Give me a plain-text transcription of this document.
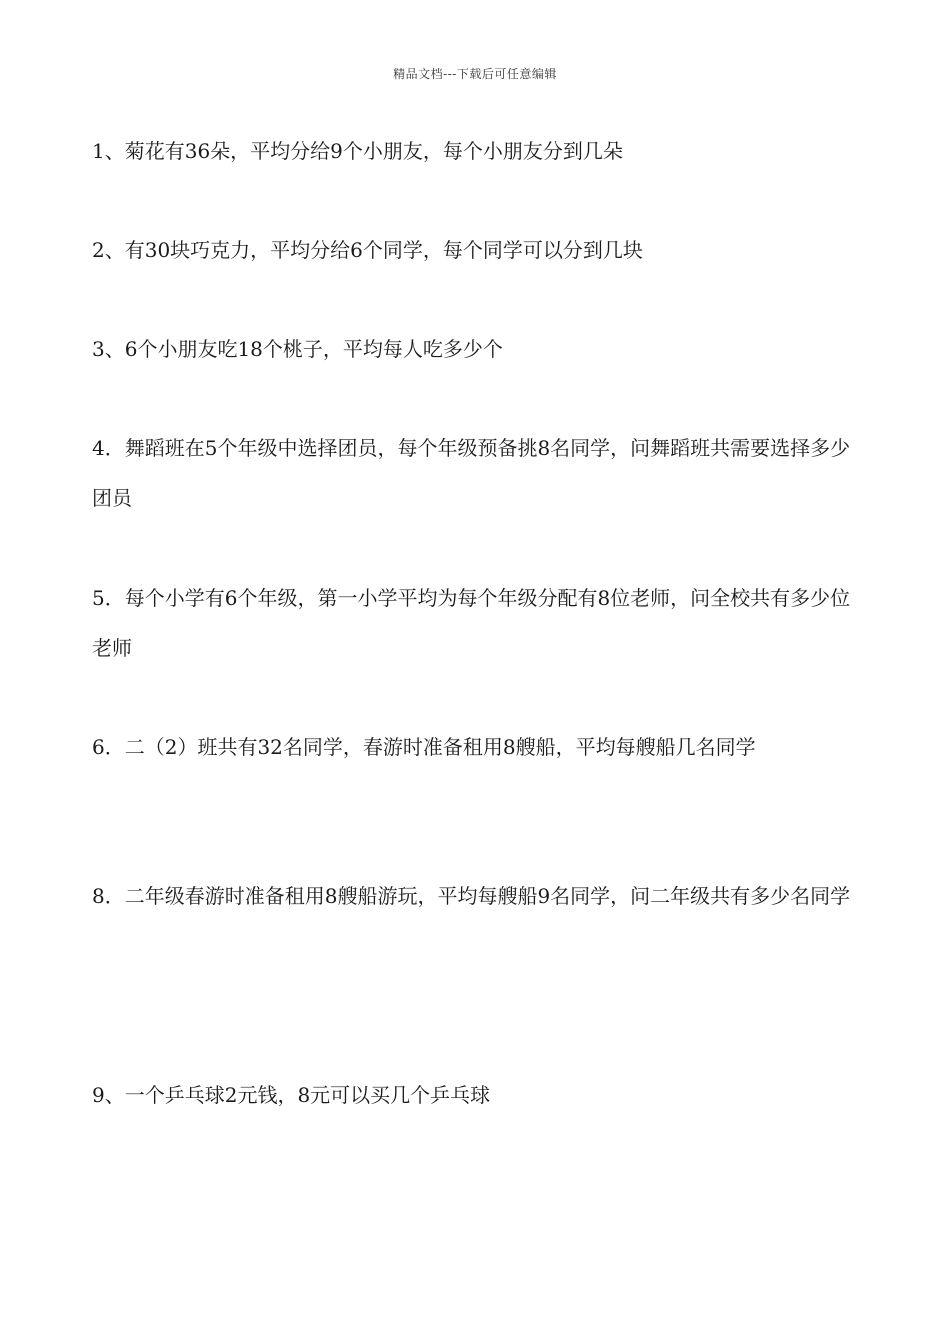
精品文档---下载后可任意编辑
1、菊花有36朵，平均分给9个小朋友，每个小朋友分到几朵
2、有30块巧克力，平均分给6个同学，每个同学可以分到几块
3、6个小朋友吃18个桃子，平均每人吃多少个
4．舞蹈班在5个年级中选择团员，每个年级预备挑8名同学，问舞蹈班共需要选择多少团员
5．每个小学有6个年级，第一小学平均为每个年级分配有8位老师，问全校共有多少位老师
6．二（2）班共有32名同学，春游时准备租用8艘船，平均每艘船几名同学
8．二年级春游时准备租用8艘船游玩，平均每艘船9名同学，问二年级共有多少名同学
9、一个乒乓球2元钱，8元可以买几个乒乓球
